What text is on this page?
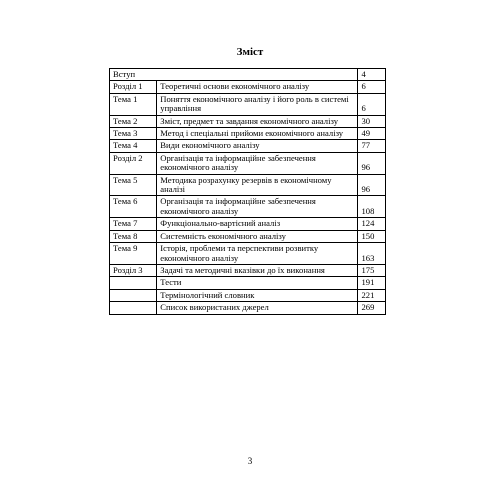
Зміст
Вступ		4
Розділ 1	Теоретичні основи економічного аналізу	6
Тема 1	Поняття економічного аналізу і його роль в системі управління	6
Тема 2	Зміст, предмет та завдання економічного аналізу	30
Тема 3	Метод і спеціальні прийоми економічного аналізу	49
Тема 4	Види економічного аналізу	77
Розділ 2	Організація та інформаційне забезпечення економічного аналізу	96
Тема 5	Методика розрахунку резервів в економічному аналізі	96
Тема 6	Організація та інформаційне забезпечення економічного аналізу	108
Тема 7	Функціонально-вартісний аналіз	124
Тема 8	Системність економічного аналізу	150
Тема 9	Історія, проблеми та перспективи розвитку економічного аналізу	163
Розділ 3	Задачі та методичні вказівки до їх виконання	175
	Тести	191
	Термінологічний словник	221
	Список використаних джерел	269
3
